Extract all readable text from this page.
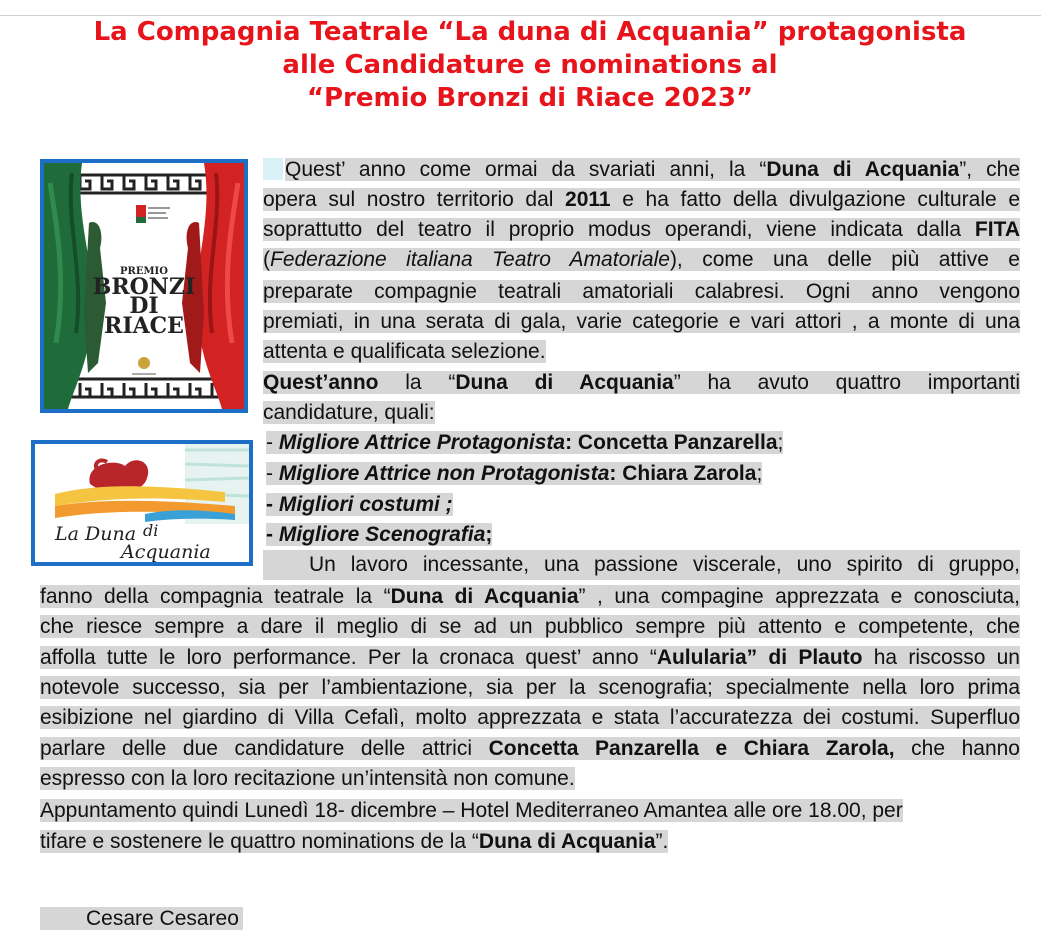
La Compagnia Teatrale “La duna di Acquania” protagonista
alle Candidature e nominations al
“Premio Bronzi di Riace 2023”
PREMIO
BRONZI
DI
RIACE
La Duna di
Acquania
Quest’ anno come ormai da svariati anni, la “Duna di Acquania”, che
opera sul nostro territorio dal 2011 e ha fatto della divulgazione culturale e
soprattutto del teatro il proprio modus operandi, viene indicata dalla FITA
(Federazione italiana Teatro Amatoriale), come una delle più attive e
preparate compagnie teatrali amatoriali calabresi. Ogni anno vengono
premiati, in una serata di gala, varie categorie e vari attori , a monte di una
attenta e qualificata selezione.
Quest’anno la “Duna di Acquania” ha avuto quattro importanti
candidature, quali:
- Migliore Attrice Protagonista: Concetta Panzarella;
- Migliore Attrice non Protagonista: Chiara Zarola;
- Migliori costumi ;
- Migliore Scenografia;
Un lavoro incessante, una passione viscerale, uno spirito di gruppo,
fanno della compagnia teatrale la “Duna di Acquania” , una compagine apprezzata e conosciuta,
che riesce sempre a dare il meglio di se ad un pubblico sempre più attento e competente, che
affolla tutte le loro performance. Per la cronaca quest’ anno “Aulularia” di Plauto ha riscosso un
notevole successo, sia per l’ambientazione, sia per la scenografia; specialmente nella loro prima
esibizione nel giardino di Villa Cefalì, molto apprezzata e stata l’accuratezza dei costumi. Superfluo
parlare delle due candidature delle attrici Concetta Panzarella e Chiara Zarola, che hanno
espresso con la loro recitazione un’intensità non comune.
Appuntamento quindi Lunedì 18- dicembre – Hotel Mediterraneo Amantea alle ore 18.00, per
tifare e sostenere le quattro nominations de la “Duna di Acquania”.
Cesare Cesareo
